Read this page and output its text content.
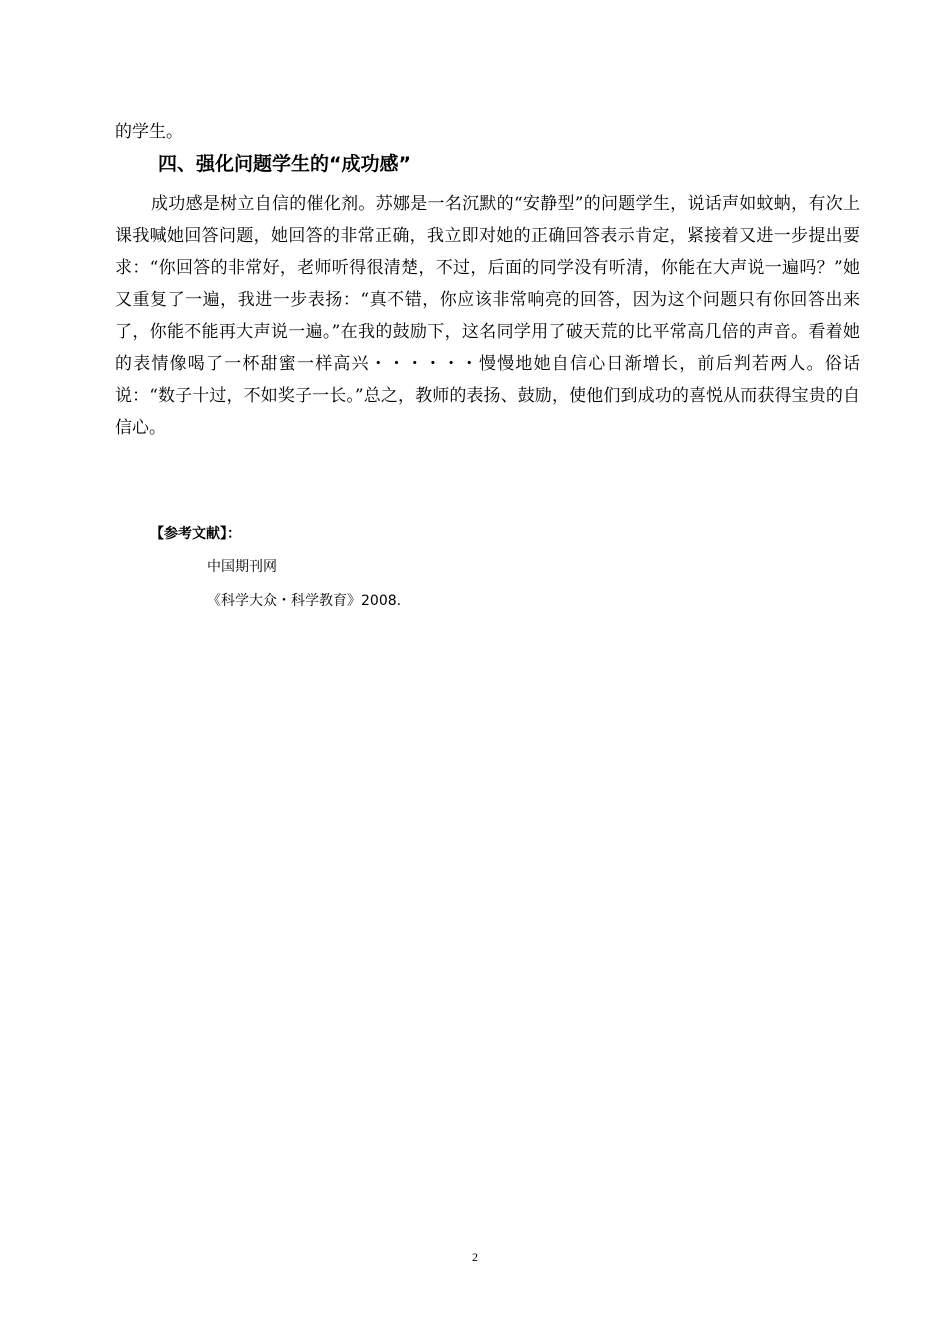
的学生。
四、强化问题学生的“成功感”
成功感是树立自信的催化剂。苏娜是一名沉默的“安静型”的问题学生，说话声如蚊蚋，有次上课我喊她回答问题，她回答的非常正确，我立即对她的正确回答表示肯定，紧接着又进一步提出要求：“你回答的非常好，老师听得很清楚，不过，后面的同学没有听清，你能在大声说一遍吗？”她又重复了一遍，我进一步表扬：“真不错，你应该非常响亮的回答，因为这个问题只有你回答出来了，你能不能再大声说一遍。”在我的鼓励下，这名同学用了破天荒的比平常高几倍的声音。看着她的表情像喝了一杯甜蜜一样高兴・・・・・・慢慢地她自信心日渐增长，前后判若两人。俗话说：“数子十过，不如奖子一长。”总之，教师的表扬、鼓励，使他们到成功的喜悦从而获得宝贵的自信心。
【参考文献】：
中国期刊网
《科学大众・科学教育》2008.
2
